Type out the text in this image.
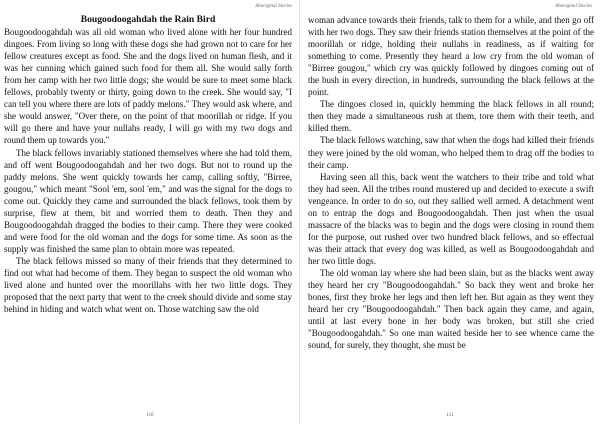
Aboriginal Stories
Bougoodoogahdah the Rain Bird

Bougoodoogahdah was all old woman who lived alone with her four hundred dingoes. From living so long with these dogs she had grown not to care for her fellow creatures except as food. She and the dogs lived on human flesh, and it was her cunning which gained such food for them all. She would sally forth from her camp with her two little dogs; she would be sure to meet some black fellows, probably twenty or thirty, going down to the creek. She would say, "I can tell you where there are lots of paddy melons." They would ask where, and she would answer, "Over there, on the point of that moorillah or ridge. If you will go there and have your nullahs ready, I will go with my two dogs and round them up towards you."

The black fellows invariably stationed themselves where she had told them, and off went Bougoodoogahdah and her two dogs. But not to round up the paddy melons. She went quickly towards her camp, calling softly, "Birree, gougou," which meant "Sool 'em, sool 'em," and was the signal for the dogs to come out. Quickly they came and surrounded the black fellows, took them by surprise, flew at them, bit and worried them to death. Then they and Bougoodoogahdah dragged the bodies to their camp. There they were cooked and were food for the old woman and the dogs for some time. As soon as the supply was finished the same plan to obtain more was repeated.

The black fellows missed so many of their friends that they determined to find out what had become of them. They began to suspect the old woman who lived alone and hunted over the moorillahs with her two little dogs. They proposed that the next party that went to the creek should divide and some stay behind in hiding and watch what went on. Those watching saw the old

110
Aboriginal Stories

woman advance towards their friends, talk to them for a while, and then go off with her two dogs. They saw their friends station themselves at the point of the moorillah or ridge, holding their nullahs in readiness, as if waiting for something to come. Presently they heard a low cry from the old woman of "Birree gougou," which cry was quickly followed by dingoes coming out of the bush in every direction, in hundreds, surrounding the black fellows at the point.

The dingoes closed in, quickly hemming the black fellows in all round; then they made a simultaneous rush at them, tore them with their teeth, and killed them.

The black fellows watching, saw that when the dogs had killed their friends they were joined by the old woman, who helped them to drag off the bodies to their camp.

Having seen all this, back went the watchers to their tribe and told what they had seen. All the tribes round mustered up and decided to execute a swift vengeance. In order to do so, out they sallied well armed. A detachment went on to entrap the dogs and Bougoodoogahdah. Then just when the usual massacre of the blacks was to begin and the dogs were closing in round them for the purpose, out rushed over two hundred black fellows, and so effectual was their attack that every dog was killed, as well as Bougoodoogahdah and her two little dogs.

The old woman lay where she had been slain, but as the blacks went away they heard her cry "Bougoodoogahdah." So back they went and broke her bones, first they broke her legs and then left her. But again as they went they heard her cry "Bougoodoogahdah." Then back again they came, and again, until at last every bone in her body was broken, but still she cried "Bougoodoogahdah." So one man waited beside her to see whence came the sound, for surely, they thought, she must be

111
